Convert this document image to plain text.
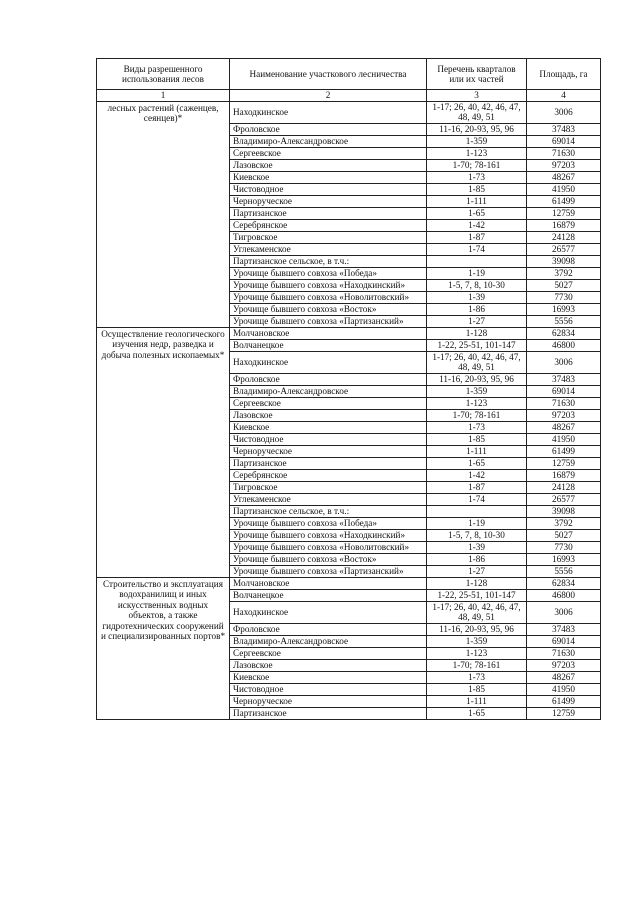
Виды разрешенного использования лесов	Наименование участкового лесничества	Перечень кварталов или их частей	Площадь, га
1	2	3	4
лесных растений (саженцев, сеянцев)*	Находкинское	1-17; 26, 40, 42, 46, 47, 48, 49, 51	3006
	Фроловское	11-16, 20-93, 95, 96	37483
	Владимиро-Александровское	1-359	69014
	Сергеевское	1-123	71630
	Лазовское	1-70; 78-161	97203
	Киевское	1-73	48267
	Чистоводное	1-85	41950
	Черноруческое	1-111	61499
	Партизанское	1-65	12759
	Серебрянское	1-42	16879
	Тигровское	1-87	24128
	Углекаменское	1-74	26577
	Партизанское сельское, в т.ч.:		39098
	Урочище бывшего совхоза «Победа»	1-19	3792
	Урочище бывшего совхоза «Находкинский»	1-5, 7, 8, 10-30	5027
	Урочище бывшего совхоза «Новолитовский»	1-39	7730
	Урочище бывшего совхоза «Восток»	1-86	16993
	Урочище бывшего совхоза «Партизанский»	1-27	5556
Осуществление геологического изучения недр, разведка и добыча полезных ископаемых*	Молчановское	1-128	62834
	Волчанецкое	1-22, 25-51, 101-147	46800
	Находкинское	1-17; 26, 40, 42, 46, 47, 48, 49, 51	3006
	Фроловское	11-16, 20-93, 95, 96	37483
	Владимиро-Александровское	1-359	69014
	Сергеевское	1-123	71630
	Лазовское	1-70; 78-161	97203
	Киевское	1-73	48267
	Чистоводное	1-85	41950
	Черноруческое	1-111	61499
	Партизанское	1-65	12759
	Серебрянское	1-42	16879
	Тигровское	1-87	24128
	Углекаменское	1-74	26577
	Партизанское сельское, в т.ч.:		39098
	Урочище бывшего совхоза «Победа»	1-19	3792
	Урочище бывшего совхоза «Находкинский»	1-5, 7, 8, 10-30	5027
	Урочище бывшего совхоза «Новолитовский»	1-39	7730
	Урочище бывшего совхоза «Восток»	1-86	16993
	Урочище бывшего совхоза «Партизанский»	1-27	5556
Строительство и эксплуатация водохранилищ и иных искусственных водных объектов, а также гидротехнических сооружений и специализированных портов*	Молчановское	1-128	62834
	Волчанецкое	1-22, 25-51, 101-147	46800
	Находкинское	1-17; 26, 40, 42, 46, 47, 48, 49, 51	3006
	Фроловское	11-16, 20-93, 95, 96	37483
	Владимиро-Александровское	1-359	69014
	Сергеевское	1-123	71630
	Лазовское	1-70; 78-161	97203
	Киевское	1-73	48267
	Чистоводное	1-85	41950
	Черноруческое	1-111	61499
	Партизанское	1-65	12759
